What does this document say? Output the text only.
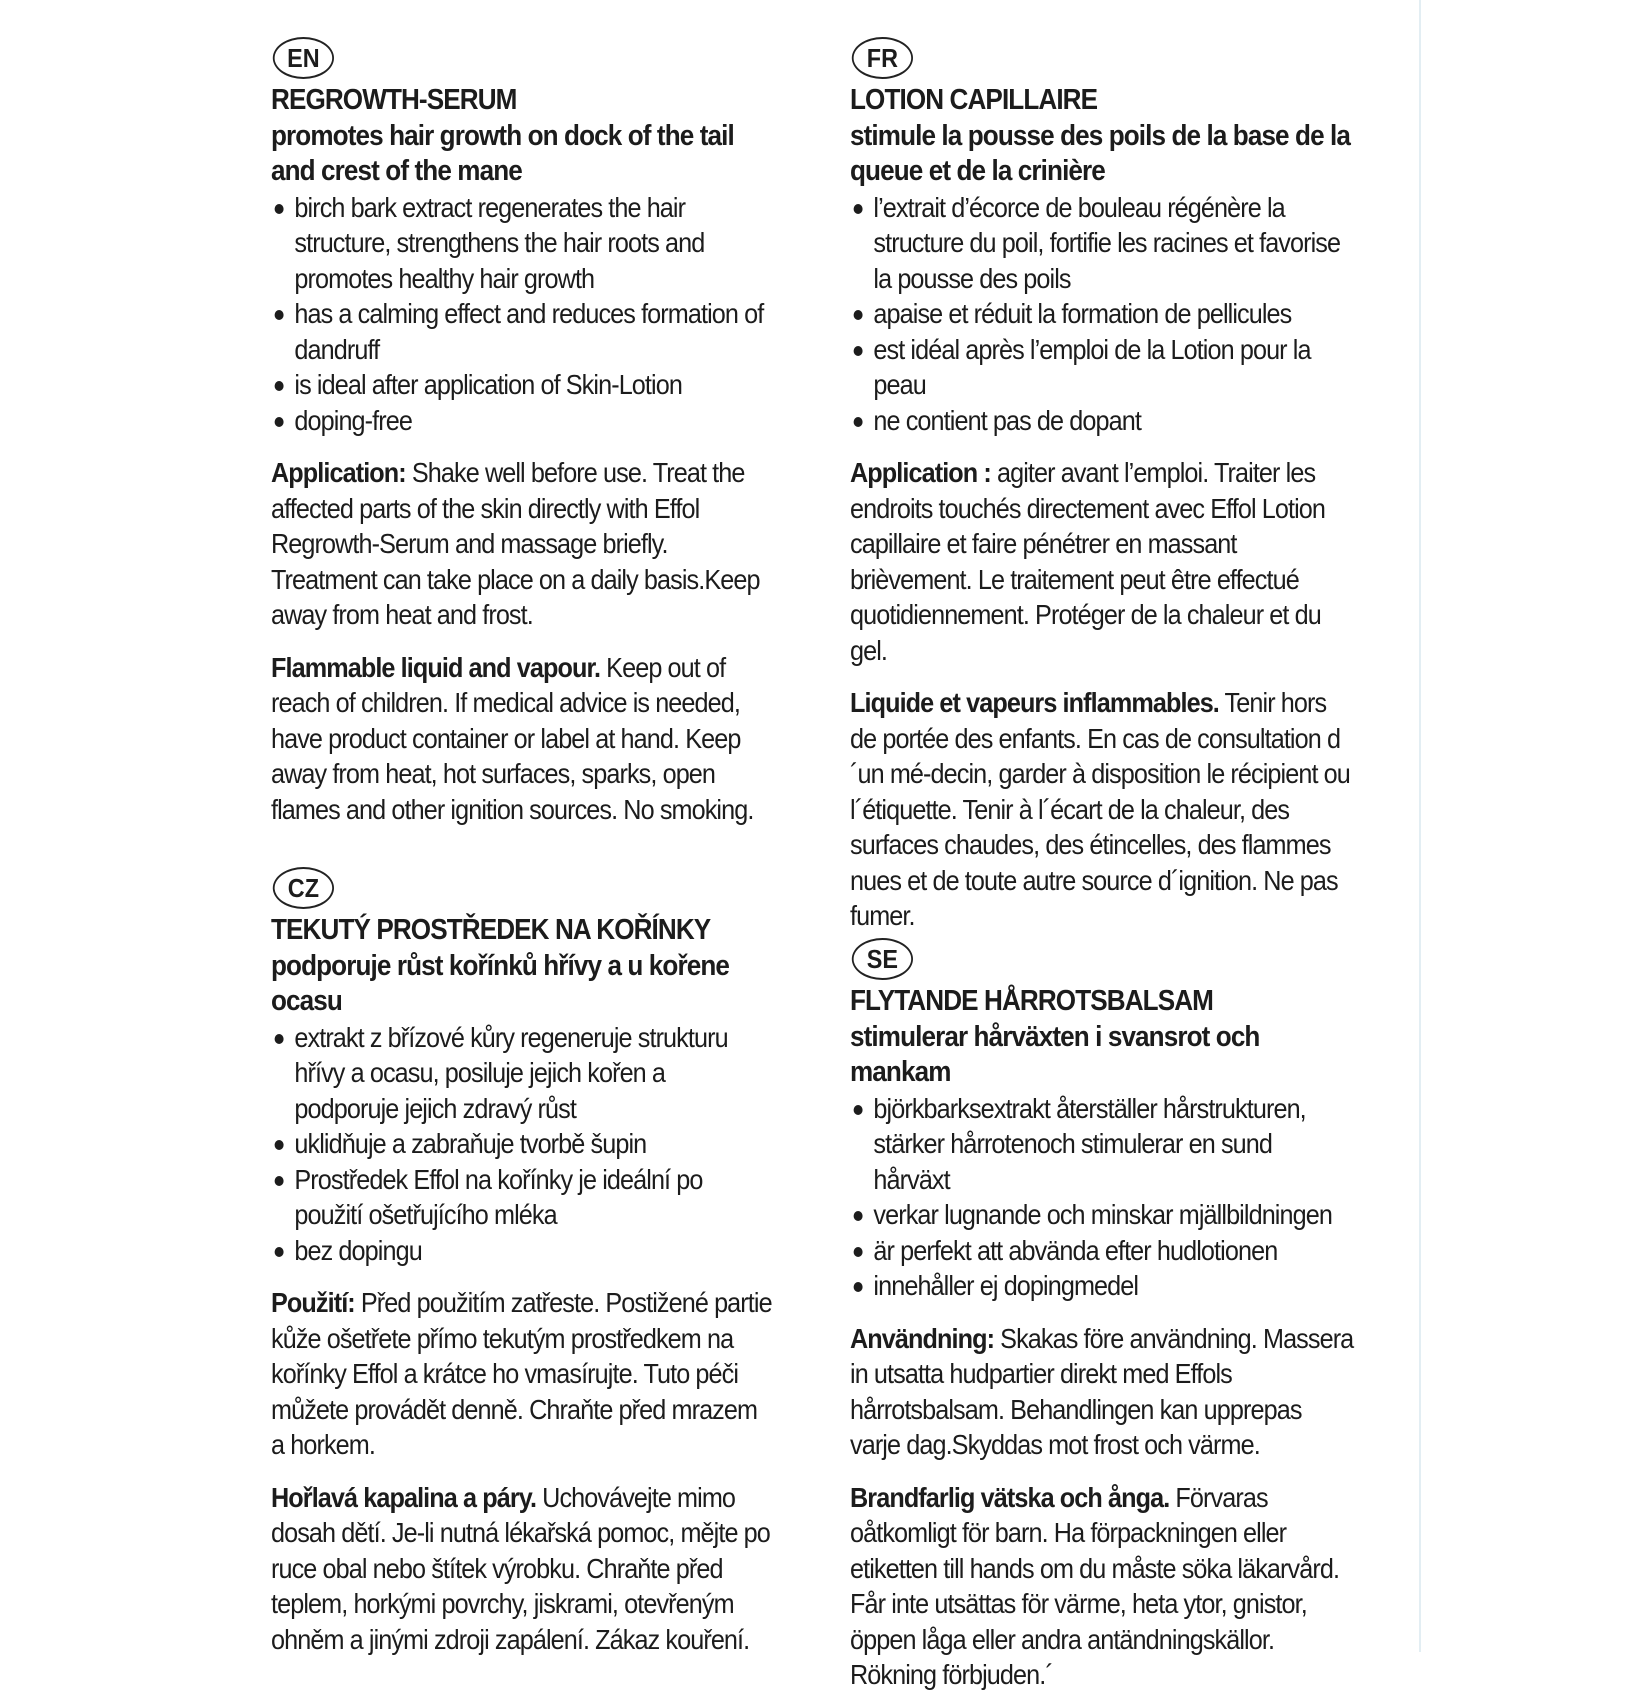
EN
REGROWTH-SERUM
promotes hair growth on dock of the tail and crest of the mane
birch bark extract regenerates the hair structure, strengthens the hair roots and promotes healthy hair growth
has a calming effect and reduces formation of dandruff
is ideal after application of Skin-Lotion
doping-free

Application: Shake well before use. Treat the affected parts of the skin directly with Effol Regrowth-Serum and massage briefly. Treatment can take place on a daily basis.Keep away from heat and frost.

Flammable liquid and vapour. Keep out of reach of children. If medical advice is needed, have product container or label at hand. Keep away from heat, hot surfaces, sparks, open flames and other ignition sources. No smoking.

FR
LOTION CAPILLAIRE
stimule la pousse des poils de la base de la queue et de la crinière
l’extrait d’écorce de bouleau régénère la structure du poil, fortifie les racines et favorise la pousse des poils
apaise et réduit la formation de pellicules
est idéal après l’emploi de la Lotion pour la peau
ne contient pas de dopant

Application : agiter avant l’emploi. Traiter les endroits touchés directement avec Effol Lotion capillaire et faire pénétrer en massant brièvement. Le traitement peut être effectué quotidiennement. Protéger de la chaleur et du gel.

Liquide et vapeurs inflammables. Tenir hors de portée des enfants. En cas de consultation d´un mé-decin, garder à disposition le récipient ou l´étiquette. Tenir à l´écart de la chaleur, des surfaces chaudes, des étincelles, des flammes nues et de toute autre source d´ignition. Ne pas fumer.

CZ
TEKUTÝ PROSTŘEDEK NA KOŘÍNKY
podporuje růst kořínků hřívy a u kořene ocasu
extrakt z břízové kůry regeneruje strukturu hřívy a ocasu, posiluje jejich kořen a podporuje jejich zdravý růst
uklidňuje a zabraňuje tvorbě šupin
Prostředek Effol na kořínky je ideální po použití ošetřujícího mléka
bez dopingu

Použití: Před použitím zatřeste. Postižené partie kůže ošetřete přímo tekutým prostředkem na kořínky Effol a krátce ho vmasírujte. Tuto péči můžete provádět denně. Chraňte před mrazem a horkem.

Hořlavá kapalina a páry. Uchovávejte mimo dosah dětí. Je-li nutná lékařská pomoc, mějte po ruce obal nebo štítek výrobku. Chraňte před teplem, horkými povrchy, jiskrami, otevřeným ohněm a jinými zdroji zapálení. Zákaz kouření.

SE
FLYTANDE HÅRROTSBALSAM
stimulerar hårväxten i svansrot och mankam
björkbarksextrakt återställer hårstrukturen, stärker hårrotenoch stimulerar en sund hårväxt
verkar lugnande och minskar mjällbildningen
är perfekt att abvända efter hudlotionen
innehåller ej dopingmedel

Användning: Skakas före användning. Massera in utsatta hudpartier direkt med Effols hårrotsbalsam. Behandlingen kan upprepas varje dag.Skyddas mot frost och värme.

Brandfarlig vätska och ånga. Förvaras oåtkomligt för barn. Ha förpackningen eller etiketten till hands om du måste söka läkarvård. Får inte utsättas för värme, heta ytor, gnistor, öppen låga eller andra antändningskällor. Rökning förbjuden.´
